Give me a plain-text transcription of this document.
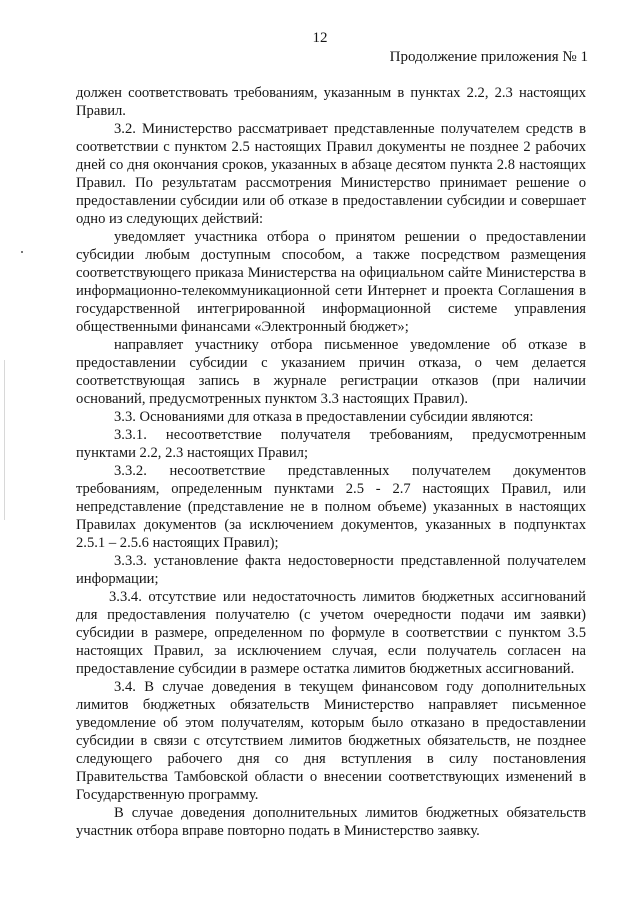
12
Продолжение приложения № 1

должен соответствовать требованиям, указанным в пунктах 2.2, 2.3 настоящих Правил.

3.2. Министерство рассматривает представленные получателем средств в соответствии с пунктом 2.5 настоящих Правил документы не позднее 2 рабочих дней со дня окончания сроков, указанных в абзаце десятом пункта 2.8 настоящих Правил. По результатам рассмотрения Министерство принимает решение о предоставлении субсидии или об отказе в предоставлении субсидии и совершает одно из следующих действий:

уведомляет участника отбора о принятом решении о предоставлении субсидии любым доступным способом, а также посредством размещения соответствующего приказа Министерства на официальном сайте Министерства в информационно-телекоммуникационной сети Интернет и проекта Соглашения в государственной интегрированной информационной системе управления общественными финансами «Электронный бюджет»;

направляет участнику отбора письменное уведомление об отказе в предоставлении субсидии с указанием причин отказа, о чем делается соответствующая запись в журнале регистрации отказов (при наличии оснований, предусмотренных пунктом 3.3 настоящих Правил).

3.3. Основаниями для отказа в предоставлении субсидии являются:

3.3.1. несоответствие получателя требованиям, предусмотренным пунктами 2.2, 2.3 настоящих Правил;

3.3.2. несоответствие представленных получателем документов требованиям, определенным пунктами 2.5 - 2.7 настоящих Правил, или непредставление (представление не в полном объеме) указанных в настоящих Правилах документов (за исключением документов, указанных в подпунктах 2.5.1 – 2.5.6 настоящих Правил);

3.3.3. установление факта недостоверности представленной получателем информации;

3.3.4. отсутствие или недостаточность лимитов бюджетных ассигнований для предоставления получателю (с учетом очередности подачи им заявки) субсидии в размере, определенном по формуле в соответствии с пунктом 3.5 настоящих Правил, за исключением случая, если получатель согласен на предоставление субсидии в размере остатка лимитов бюджетных ассигнований.

3.4. В случае доведения в текущем финансовом году дополнительных лимитов бюджетных обязательств Министерство направляет письменное уведомление об этом получателям, которым было отказано в предоставлении субсидии в связи с отсутствием лимитов бюджетных обязательств, не позднее следующего рабочего дня со дня вступления в силу постановления Правительства Тамбовской области о внесении соответствующих изменений в Государственную программу.

В случае доведения дополнительных лимитов бюджетных обязательств участник отбора вправе повторно подать в Министерство заявку.
